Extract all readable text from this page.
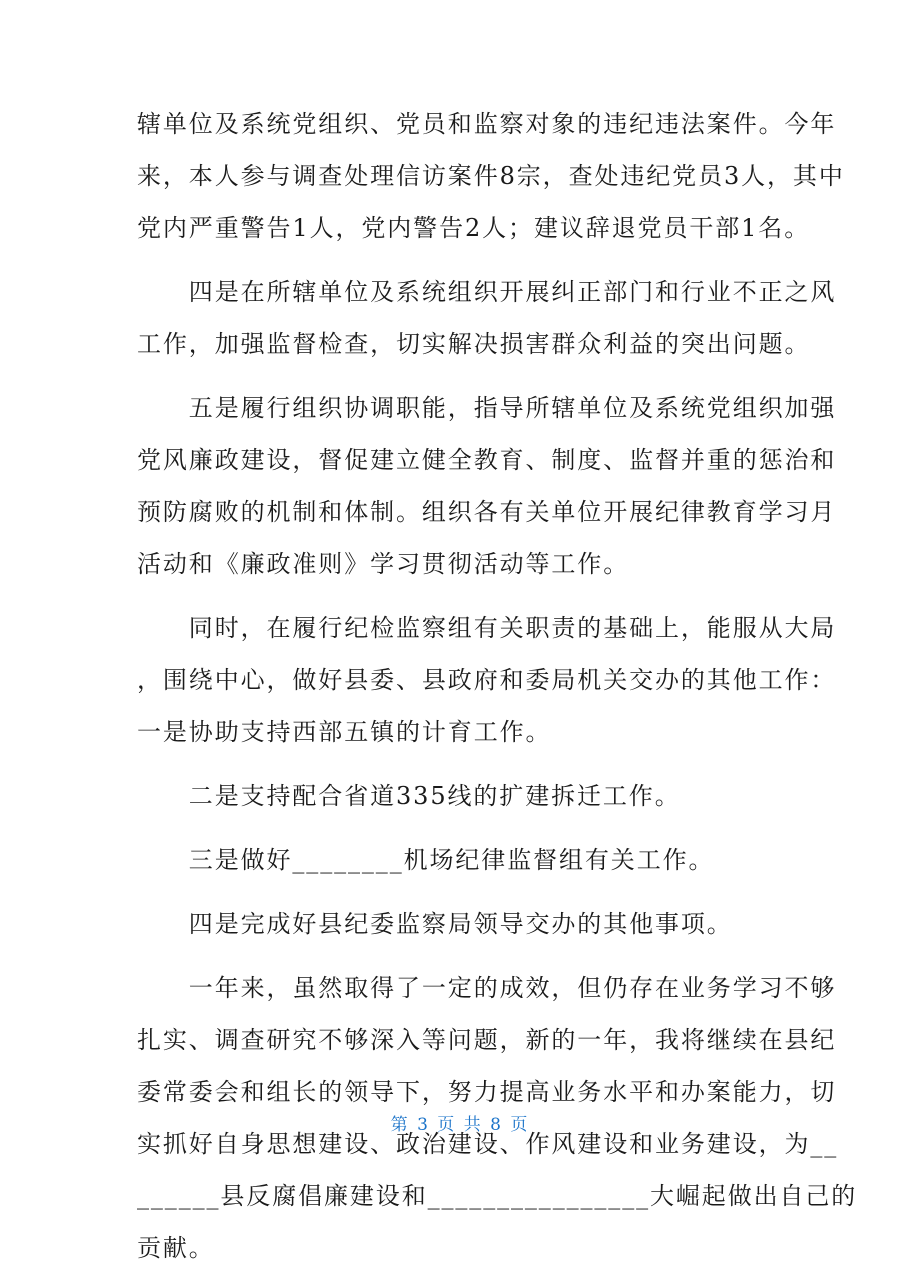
辖单位及系统党组织、党员和监察对象的违纪违法案件。今年
来，本人参与调查处理信访案件8宗，查处违纪党员3人，其中
党内严重警告1人，党内警告2人；建议辞退党员干部1名。
　　四是在所辖单位及系统组织开展纠正部门和行业不正之风
工作，加强监督检查，切实解决损害群众利益的突出问题。
　　五是履行组织协调职能，指导所辖单位及系统党组织加强
党风廉政建设，督促建立健全教育、制度、监督并重的惩治和
预防腐败的机制和体制。组织各有关单位开展纪律教育学习月
活动和《廉政准则》学习贯彻活动等工作。
　　同时，在履行纪检监察组有关职责的基础上，能服从大局
，围绕中心，做好县委、县政府和委局机关交办的其他工作：
一是协助支持西部五镇的计育工作。
　　二是支持配合省道335线的扩建拆迁工作。
　　三是做好________机场纪律监督组有关工作。
　　四是完成好县纪委监察局领导交办的其他事项。
　　一年来，虽然取得了一定的成效，但仍存在业务学习不够
扎实、调查研究不够深入等问题，新的一年，我将继续在县纪
委常委会和组长的领导下，努力提高业务水平和办案能力，切
实抓好自身思想建设、政治建设、作风建设和业务建设，为__
______县反腐倡廉建设和________________大崛起做出自己的
贡献。
第 3 页 共 8 页
